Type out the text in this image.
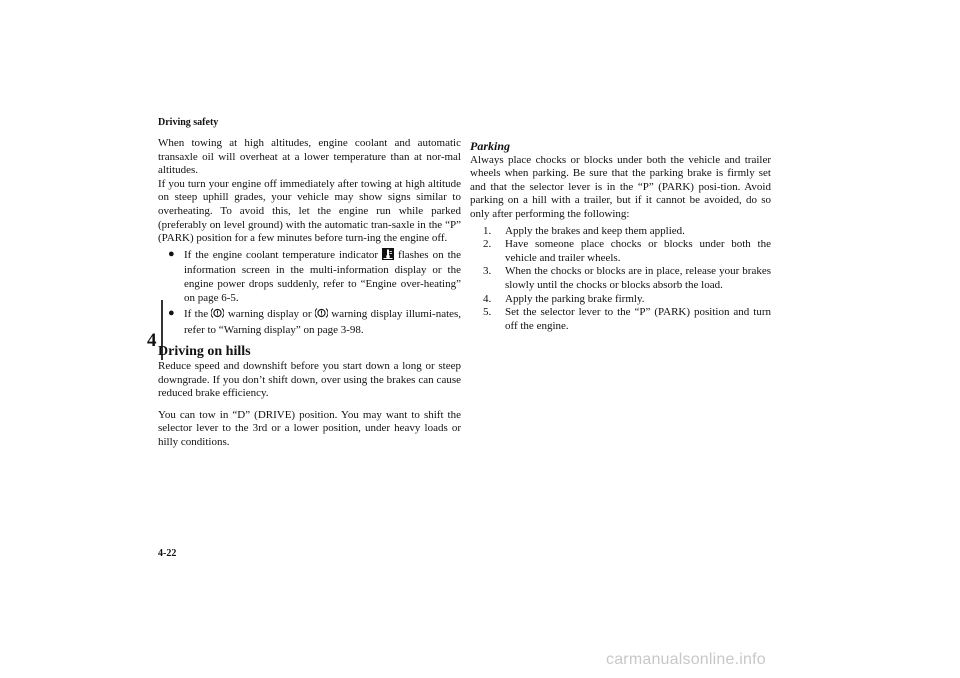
Driving safety
4

When towing at high altitudes, engine coolant and automatic transaxle oil will overheat at a lower temperature than at nor-mal altitudes.

If you turn your engine off immediately after towing at high altitude on steep uphill grades, your vehicle may show signs similar to overheating. To avoid this, let the engine run while parked (preferably on level ground) with the automatic tran-saxle in the “P” (PARK) position for a few minutes before turn-ing the engine off.

● If the engine coolant temperature indicator flashes on the information screen in the multi-information display or the engine power drops suddenly, refer to “Engine over-heating” on page 6-5.
● If the warning display or warning display illumi-nates, refer to “Warning display” on page 3-98.
Driving on hills

Reduce speed and downshift before you start down a long or steep downgrade. If you don’t shift down, over using the brakes can cause reduced brake efficiency.

You can tow in “D” (DRIVE) position. You may want to shift the selector lever to the 3rd or a lower position, under heavy loads or hilly conditions.

Parking

Always place chocks or blocks under both the vehicle and trailer wheels when parking. Be sure that the parking brake is firmly set and that the selector lever is in the “P” (PARK) posi-tion. Avoid parking on a hill with a trailer, but if it cannot be avoided, do so only after performing the following:

1. Apply the brakes and keep them applied.
2. Have someone place chocks or blocks under both the vehicle and trailer wheels.
3. When the chocks or blocks are in place, release your brakes slowly until the chocks or blocks absorb the load.
4. Apply the parking brake firmly.
5. Set the selector lever to the “P” (PARK) position and turn off the engine.
4-22
carmanualsonline.info
